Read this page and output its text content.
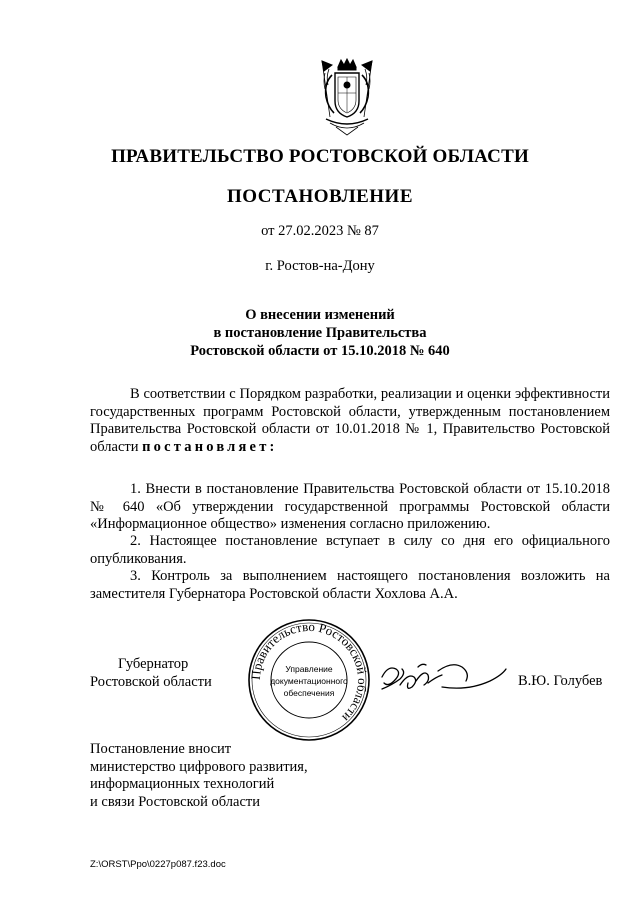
ПРАВИТЕЛЬСТВО РОСТОВСКОЙ ОБЛАСТИ
ПОСТАНОВЛЕНИЕ
от 27.02.2023 № 87
г. Ростов-на-Дону
О внесении изменений
в постановление Правительства
Ростовской области от 15.10.2018 № 640
В соответствии с Порядком разработки, реализации и оценки эффективности государственных программ Ростовской области, утвержденным постановлением Правительства Ростовской области от 10.01.2018 № 1, Правительство Ростовской области постановляет:
1. Внести в постановление Правительства Ростовской области от 15.10.2018 № 640 «Об утверждении государственной программы Ростовской области «Информационное общество» изменения согласно приложению.
2. Настоящее постановление вступает в силу со дня его официального опубликования.
3. Контроль за выполнением настоящего постановления возложить на заместителя Губернатора Ростовской области Хохлова А.А.
Губернатор
Ростовской области	Правительство Ростовской области
Управление
документационного
обеспечения
В.Ю. Голубев
Постановление вносит
министерство цифрового развития,
информационных технологий
и связи Ростовской области
Z:\ORST\Ppo\0227p087.f23.doc
